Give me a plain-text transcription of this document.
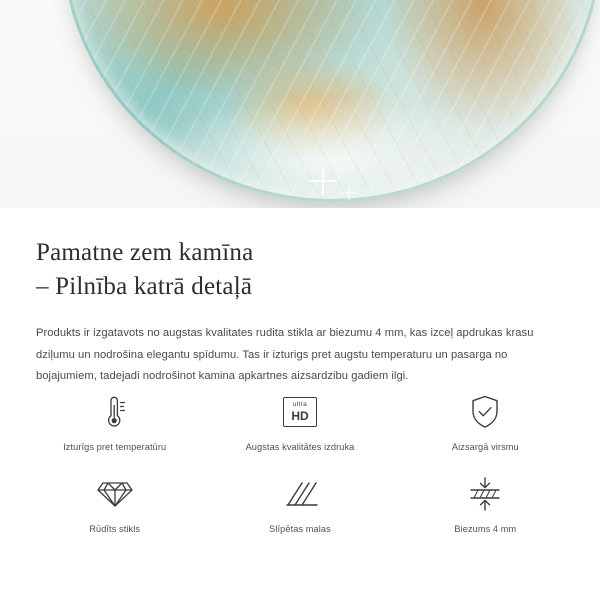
Pamatne zem kamīna
– Pilnība katrā detaļā

Produkts ir izgatavots no augstas kvalitates rudita stikla ar biezumu 4 mm, kas izceļ apdrukas krasu dziļumu un nodrošina elegantu spīdumu. Tas ir izturigs pret augstu temperaturu un pasarga no bojajumiem, tadejadi nodrošinot kamina apkartnes aizsardzibu gadiem ilgi.

Izturīgs pret temperatūru
ultra
HD
Augstas kvalitātes izdruka	Aizsargā virsmu
Rūdīts stikls	Slīpētas malas	Biezums 4 mm
